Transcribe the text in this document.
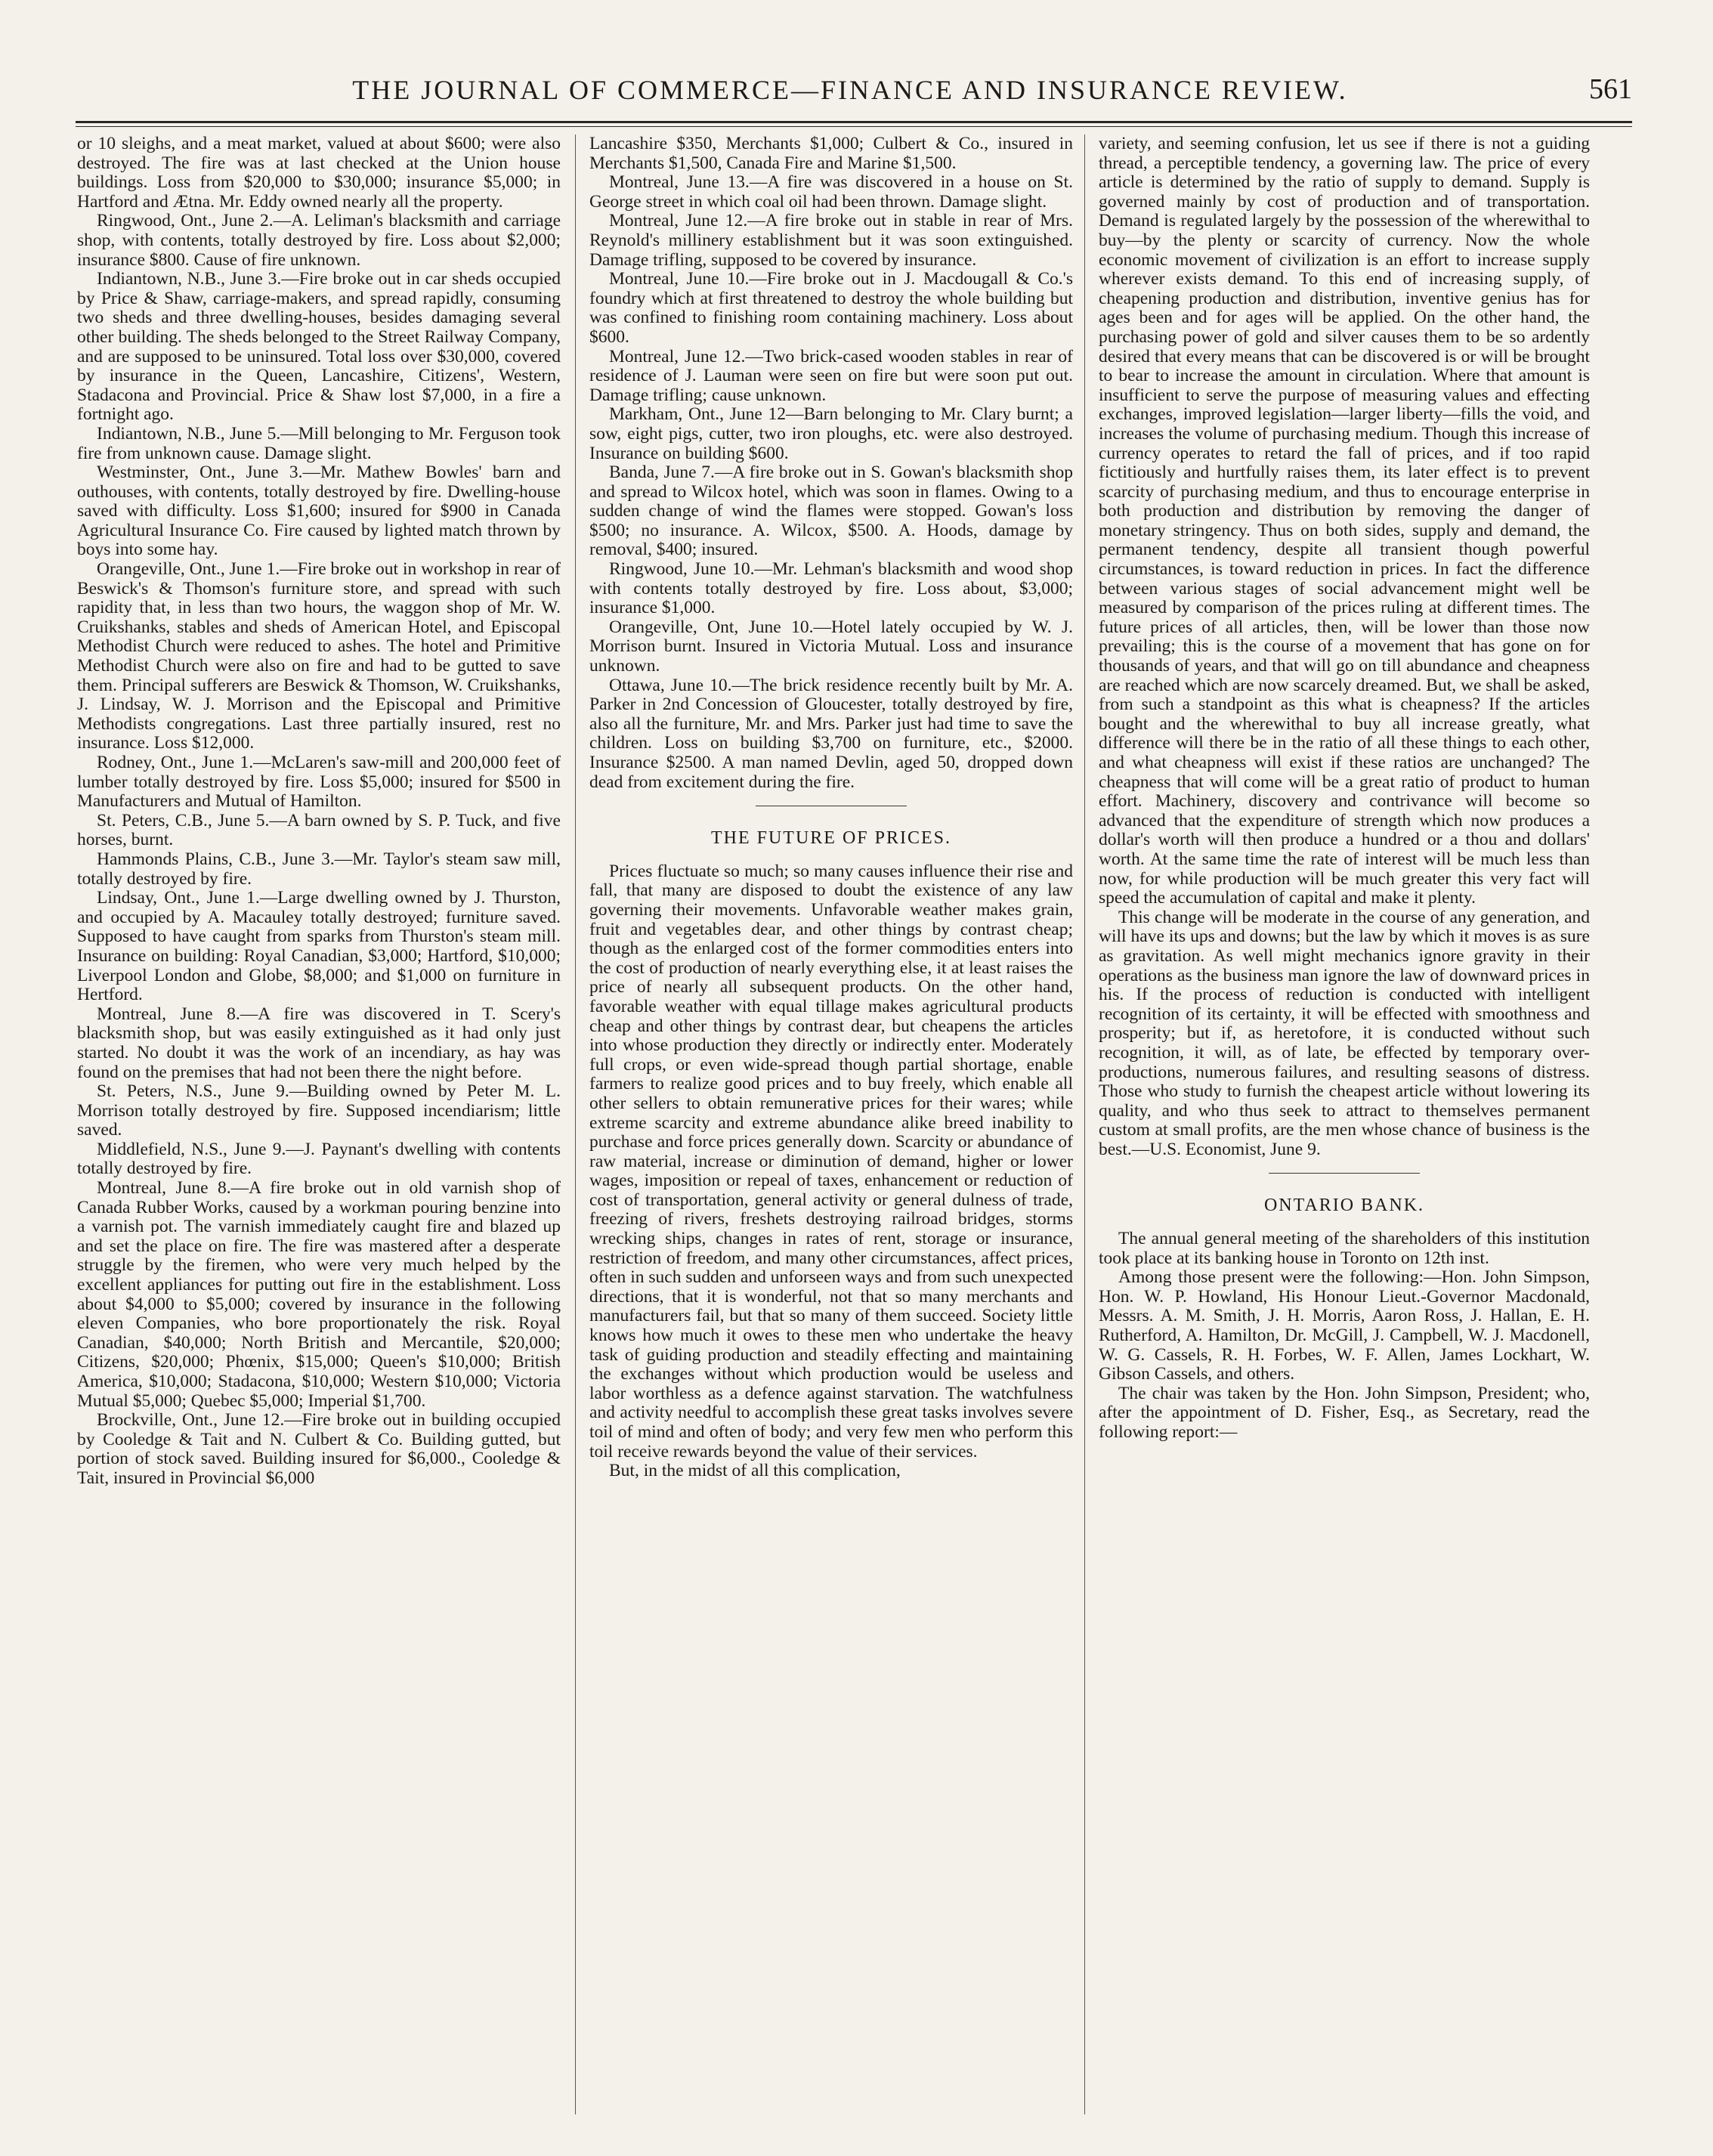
THE JOURNAL OF COMMERCE—FINANCE AND INSURANCE REVIEW.	561

or 10 sleighs, and a meat market, valued at about $600; were also destroyed. The fire was at last checked at the Union house buildings. Loss from $20,000 to $30,000; insurance $5,000; in Hartford and Ætna. Mr. Eddy owned nearly all the property.

Ringwood, Ont., June 2.—A. Leliman's blacksmith and carriage shop, with contents, totally destroyed by fire. Loss about $2,000; insurance $800. Cause of fire unknown.

Indiantown, N.B., June 3.—Fire broke out in car sheds occupied by Price & Shaw, carriage-makers, and spread rapidly, consuming two sheds and three dwelling-houses, besides damaging several other building. The sheds belonged to the Street Railway Company, and are supposed to be uninsured. Total loss over $30,000, covered by insurance in the Queen, Lancashire, Citizens', Western, Stadacona and Provincial. Price & Shaw lost $7,000, in a fire a fortnight ago.

Indiantown, N.B., June 5.—Mill belonging to Mr. Ferguson took fire from unknown cause. Damage slight.

Westminster, Ont., June 3.—Mr. Mathew Bowles' barn and outhouses, with contents, totally destroyed by fire. Dwelling-house saved with difficulty. Loss $1,600; insured for $900 in Canada Agricultural Insurance Co. Fire caused by lighted match thrown by boys into some hay.

Orangeville, Ont., June 1.—Fire broke out in workshop in rear of Beswick's & Thomson's furniture store, and spread with such rapidity that, in less than two hours, the waggon shop of Mr. W. Cruikshanks, stables and sheds of American Hotel, and Episcopal Methodist Church were reduced to ashes. The hotel and Primitive Methodist Church were also on fire and had to be gutted to save them. Principal sufferers are Beswick & Thomson, W. Cruikshanks, J. Lindsay, W. J. Morrison and the Episcopal and Primitive Methodists congregations. Last three partially insured, rest no insurance. Loss $12,000.

Rodney, Ont., June 1.—McLaren's saw-mill and 200,000 feet of lumber totally destroyed by fire. Loss $5,000; insured for $500 in Manufacturers and Mutual of Hamilton.

St. Peters, C.B., June 5.—A barn owned by S. P. Tuck, and five horses, burnt.

Hammonds Plains, C.B., June 3.—Mr. Taylor's steam saw mill, totally destroyed by fire.

Lindsay, Ont., June 1.—Large dwelling owned by J. Thurston, and occupied by A. Macauley totally destroyed; furniture saved. Supposed to have caught from sparks from Thurston's steam mill. Insurance on building: Royal Canadian, $3,000; Hartford, $10,000; Liverpool London and Globe, $8,000; and $1,000 on furniture in Hertford.

Montreal, June 8.—A fire was discovered in T. Scery's blacksmith shop, but was easily extinguished as it had only just started. No doubt it was the work of an incendiary, as hay was found on the premises that had not been there the night before.

St. Peters, N.S., June 9.—Building owned by Peter M. L. Morrison totally destroyed by fire. Supposed incendiarism; little saved.

Middlefield, N.S., June 9.—J. Paynant's dwelling with contents totally destroyed by fire.

Montreal, June 8.—A fire broke out in old varnish shop of Canada Rubber Works, caused by a workman pouring benzine into a varnish pot. The varnish immediately caught fire and blazed up and set the place on fire. The fire was mastered after a desperate struggle by the firemen, who were very much helped by the excellent appliances for putting out fire in the establishment. Loss about $4,000 to $5,000; covered by insurance in the following eleven Companies, who bore proportionately the risk. Royal Canadian, $40,000; North British and Mercantile, $20,000; Citizens, $20,000; Phœnix, $15,000; Queen's $10,000; British America, $10,000; Stadacona, $10,000; Western $10,000; Victoria Mutual $5,000; Quebec $5,000; Imperial $1,700.

Brockville, Ont., June 12.—Fire broke out in building occupied by Cooledge & Tait and N. Culbert & Co. Building gutted, but portion of stock saved. Building insured for $6,000., Cooledge & Tait, insured in Provincial $6,000

Lancashire $350, Merchants $1,000; Culbert & Co., insured in Merchants $1,500, Canada Fire and Marine $1,500.

Montreal, June 13.—A fire was discovered in a house on St. George street in which coal oil had been thrown. Damage slight.

Montreal, June 12.—A fire broke out in stable in rear of Mrs. Reynold's millinery establishment but it was soon extinguished. Damage trifling, supposed to be covered by insurance.

Montreal, June 10.—Fire broke out in J. Macdougall & Co.'s foundry which at first threatened to destroy the whole building but was confined to finishing room containing machinery. Loss about $600.

Montreal, June 12.—Two brick-cased wooden stables in rear of residence of J. Lauman were seen on fire but were soon put out. Damage trifling; cause unknown.

Markham, Ont., June 12—Barn belonging to Mr. Clary burnt; a sow, eight pigs, cutter, two iron ploughs, etc. were also destroyed. Insurance on building $600.

Banda, June 7.—A fire broke out in S. Gowan's blacksmith shop and spread to Wilcox hotel, which was soon in flames. Owing to a sudden change of wind the flames were stopped. Gowan's loss $500; no insurance. A. Wilcox, $500. A. Hoods, damage by removal, $400; insured.

Ringwood, June 10.—Mr. Lehman's blacksmith and wood shop with contents totally destroyed by fire. Loss about, $3,000; insurance $1,000.

Orangeville, Ont, June 10.—Hotel lately occupied by W. J. Morrison burnt. Insured in Victoria Mutual. Loss and insurance unknown.

Ottawa, June 10.—The brick residence recently built by Mr. A. Parker in 2nd Concession of Gloucester, totally destroyed by fire, also all the furniture, Mr. and Mrs. Parker just had time to save the children. Loss on building $3,700 on furniture, etc., $2000. Insurance $2500. A man named Devlin, aged 50, dropped down dead from excitement during the fire.

THE FUTURE OF PRICES.

Prices fluctuate so much; so many causes influence their rise and fall, that many are disposed to doubt the existence of any law governing their movements. Unfavorable weather makes grain, fruit and vegetables dear, and other things by contrast cheap; though as the enlarged cost of the former commodities enters into the cost of production of nearly everything else, it at least raises the price of nearly all subsequent products. On the other hand, favorable weather with equal tillage makes agricultural products cheap and other things by contrast dear, but cheapens the articles into whose production they directly or indirectly enter. Moderately full crops, or even wide-spread though partial shortage, enable farmers to realize good prices and to buy freely, which enable all other sellers to obtain remunerative prices for their wares; while extreme scarcity and extreme abundance alike breed inability to purchase and force prices generally down. Scarcity or abundance of raw material, increase or diminution of demand, higher or lower wages, imposition or repeal of taxes, enhancement or reduction of cost of transportation, general activity or general dulness of trade, freezing of rivers, freshets destroying railroad bridges, storms wrecking ships, changes in rates of rent, storage or insurance, restriction of freedom, and many other circumstances, affect prices, often in such sudden and unforseen ways and from such unexpected directions, that it is wonderful, not that so many merchants and manufacturers fail, but that so many of them succeed. Society little knows how much it owes to these men who undertake the heavy task of guiding production and steadily effecting and maintaining the exchanges without which production would be useless and labor worthless as a defence against starvation. The watchfulness and activity needful to accomplish these great tasks involves severe toil of mind and often of body; and very few men who perform this toil receive rewards beyond the value of their services.

But, in the midst of all this complication,

variety, and seeming confusion, let us see if there is not a guiding thread, a perceptible tendency, a governing law. The price of every article is determined by the ratio of supply to demand. Supply is governed mainly by cost of production and of transportation. Demand is regulated largely by the possession of the wherewithal to buy—by the plenty or scarcity of currency. Now the whole economic movement of civilization is an effort to increase supply wherever exists demand. To this end of increasing supply, of cheapening production and distribution, inventive genius has for ages been and for ages will be applied. On the other hand, the purchasing power of gold and silver causes them to be so ardently desired that every means that can be discovered is or will be brought to bear to increase the amount in circulation. Where that amount is insufficient to serve the purpose of measuring values and effecting exchanges, improved legislation—larger liberty—fills the void, and increases the volume of purchasing medium. Though this increase of currency operates to retard the fall of prices, and if too rapid fictitiously and hurtfully raises them, its later effect is to prevent scarcity of purchasing medium, and thus to encourage enterprise in both production and distribution by removing the danger of monetary stringency. Thus on both sides, supply and demand, the permanent tendency, despite all transient though powerful circumstances, is toward reduction in prices. In fact the difference between various stages of social advancement might well be measured by comparison of the prices ruling at different times. The future prices of all articles, then, will be lower than those now prevailing; this is the course of a movement that has gone on for thousands of years, and that will go on till abundance and cheapness are reached which are now scarcely dreamed. But, we shall be asked, from such a standpoint as this what is cheapness? If the articles bought and the wherewithal to buy all increase greatly, what difference will there be in the ratio of all these things to each other, and what cheapness will exist if these ratios are unchanged? The cheapness that will come will be a great ratio of product to human effort. Machinery, discovery and contrivance will become so advanced that the expenditure of strength which now produces a dollar's worth will then produce a hundred or a thou and dollars' worth. At the same time the rate of interest will be much less than now, for while production will be much greater this very fact will speed the accumulation of capital and make it plenty.

This change will be moderate in the course of any generation, and will have its ups and downs; but the law by which it moves is as sure as gravitation. As well might mechanics ignore gravity in their operations as the business man ignore the law of downward prices in his. If the process of reduction is conducted with intelligent recognition of its certainty, it will be effected with smoothness and prosperity; but if, as heretofore, it is conducted without such recognition, it will, as of late, be effected by temporary over-productions, numerous failures, and resulting seasons of distress. Those who study to furnish the cheapest article without lowering its quality, and who thus seek to attract to themselves permanent custom at small profits, are the men whose chance of business is the best.—U.S. Economist, June 9.

ONTARIO BANK.

The annual general meeting of the shareholders of this institution took place at its banking house in Toronto on 12th inst.

Among those present were the following:—Hon. John Simpson, Hon. W. P. Howland, His Honour Lieut.-Governor Macdonald, Messrs. A. M. Smith, J. H. Morris, Aaron Ross, J. Hallan, E. H. Rutherford, A. Hamilton, Dr. McGill, J. Campbell, W. J. Macdonell, W. G. Cassels, R. H. Forbes, W. F. Allen, James Lockhart, W. Gibson Cassels, and others.

The chair was taken by the Hon. John Simpson, President; who, after the appointment of D. Fisher, Esq., as Secretary, read the following report:—
